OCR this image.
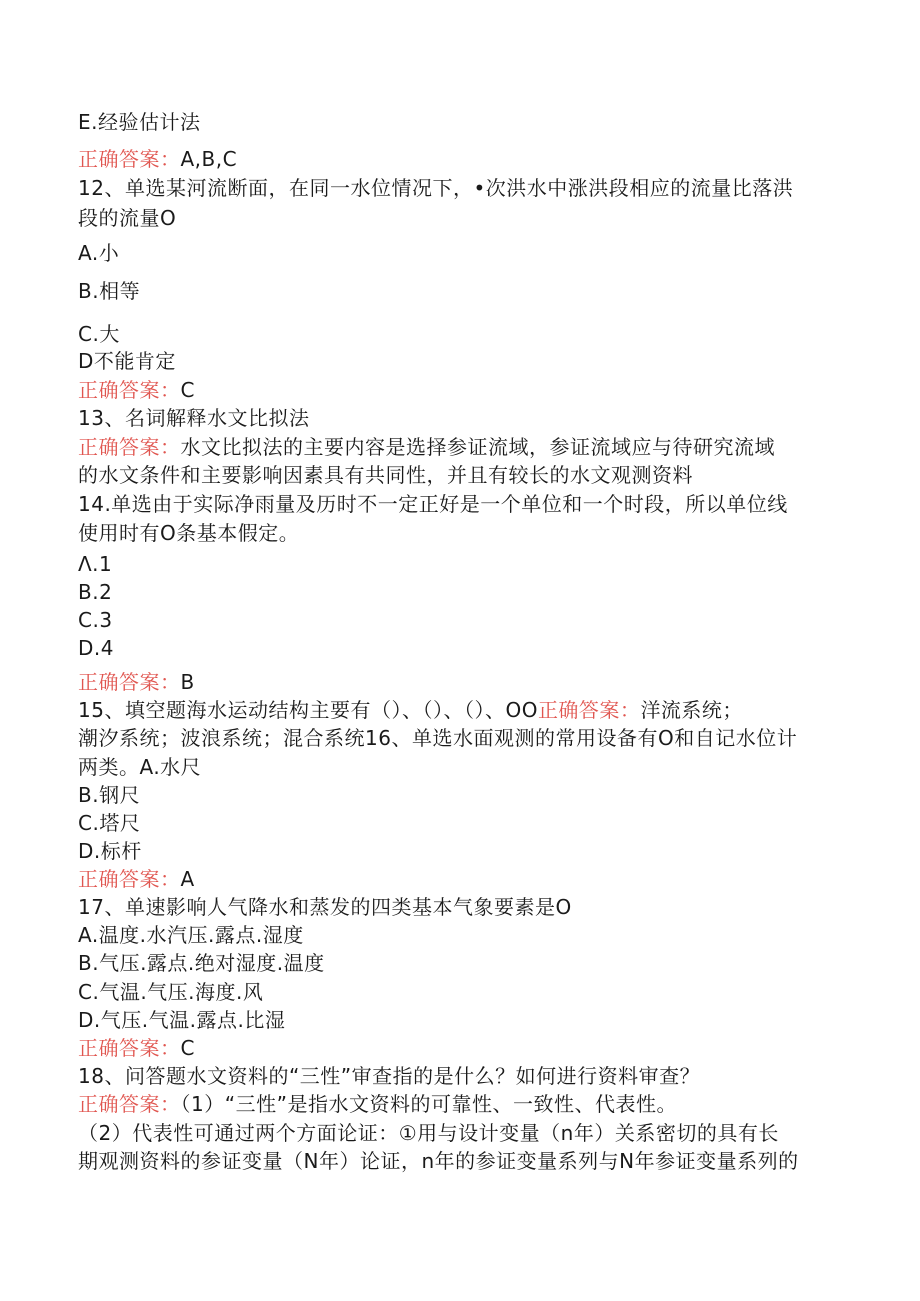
E.经验估计法
正确答案：A,B,C
12、单选某河流断面，在同一水位情况下，•次洪水中涨洪段相应的流量比落洪
段的流量O
A.小
B.相等
C.大
D不能肯定
正确答案：C
13、名词解释水文比拟法
正确答案：水文比拟法的主要内容是选择参证流域，参证流域应与待研究流域
的水文条件和主要影响因素具有共同性，并且有较长的水文观测资料
14.单选由于实际净雨量及历时不一定正好是一个单位和一个时段，所以单位线
使用时有O条基本假定。
Λ.1
B.2
C.3
D.4
正确答案：B
15、填空题海水运动结构主要有（）、（）、（）、OO正确答案：洋流系统；
潮汐系统；波浪系统；混合系统16、单选水面观测的常用设备有O和自记水位计
两类。A.水尺
B.钢尺
C.塔尺
D.标杆
正确答案：A
17、单速影响人气降水和蒸发的四类基本气象要素是O
A.温度.水汽压.露点.湿度
B.气压.露点.绝对湿度.温度
C.气温.气压.海度.风
D.气压.气温.露点.比湿
正确答案：C
18、问答题水文资料的“三性”审查指的是什么？如何进行资料审查？
正确答案：（1）“三性”是指水文资料的可靠性、一致性、代表性。
（2）代表性可通过两个方面论证：①用与设计变量（n年）关系密切的具有长
期观测资料的参证变量（N年）论证，n年的参证变量系列与N年参证变量系列的
